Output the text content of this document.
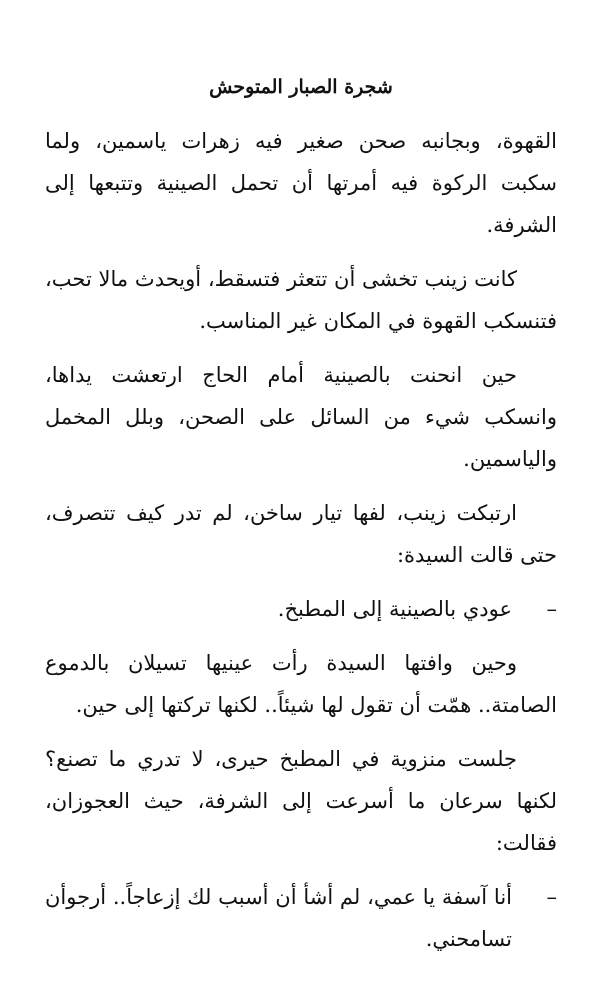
شجرة الصبار المتوحش

القهوة، وبجانبه صحن صغير فيه زهرات ياسمين، ولما سكبت الركوة فيه أمرتها أن تحمل الصينية وتتبعها إلى الشرفة.

كانت زينب تخشى أن تتعثر فتسقط، أويحدث مالا تحب، فتنسكب القهوة في المكان غير المناسب.

حين انحنت بالصينية أمام الحاج ارتعشت يداها، وانسكب شيء من السائل على الصحن، وبلل المخمل والياسمين.

ارتبكت زينب، لفها تيار ساخن، لم تدر كيف تتصرف، حتى قالت السيدة:

–
عودي بالصينية إلى المطبخ.

وحين وافتها السيدة رأت عينيها تسيلان بالدموع الصامتة.. همّت أن تقول لها شيئاً.. لكنها تركتها إلى حين.

جلست منزوية في المطبخ حيرى، لا تدري ما تصنع؟ لكنها سرعان ما أسرعت إلى الشرفة، حيث العجوزان، فقالت:

–
أنا آسفة يا عمي، لم أشأ أن أسبب لك إزعاجاً.. أرجوأن تسامحني.
